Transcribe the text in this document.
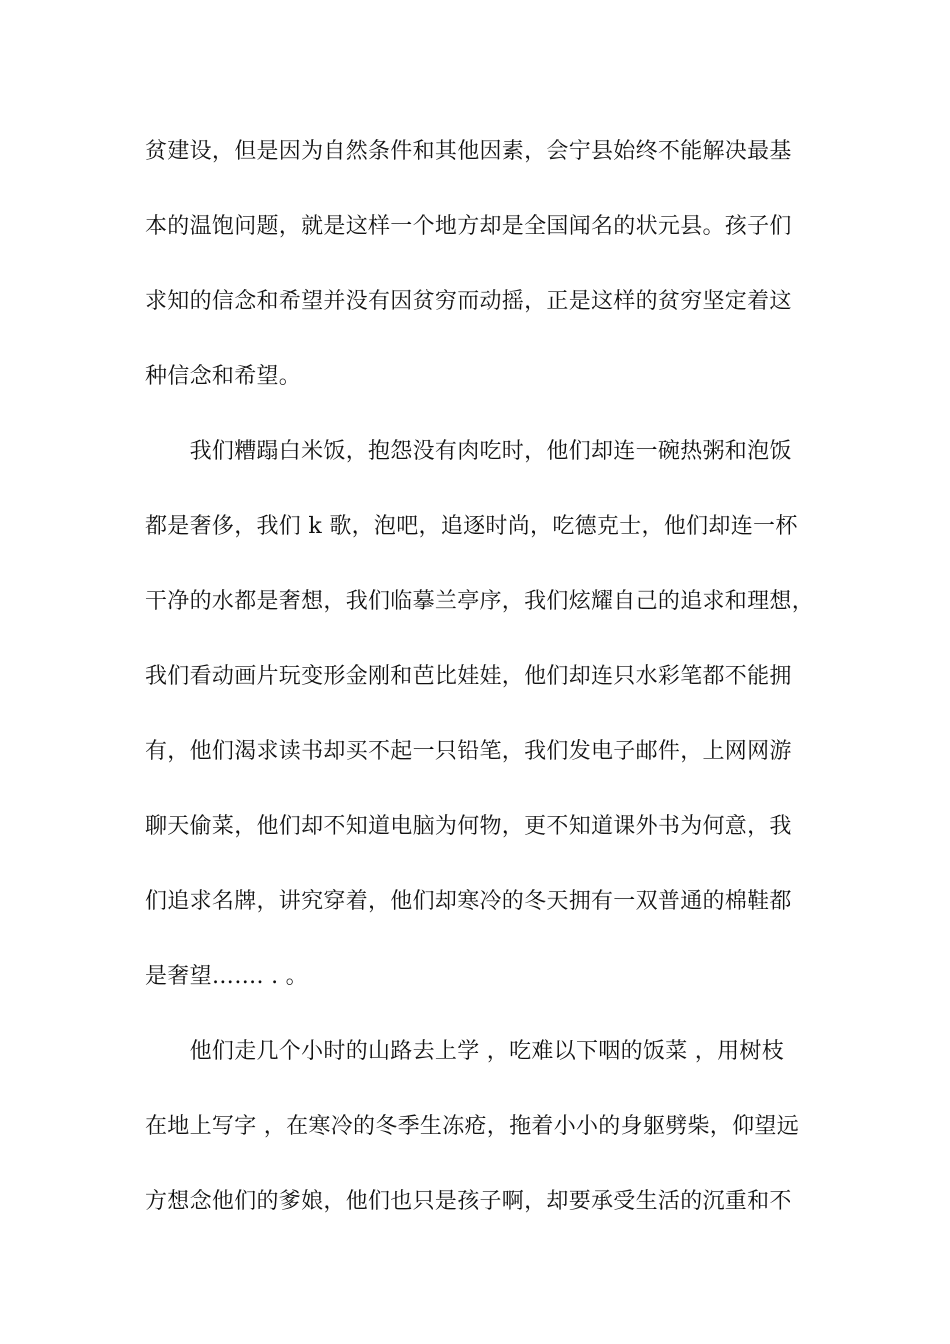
贫建设，但是因为自然条件和其他因素，会宁县始终不能解决最基
本的温饱问题，就是这样一个地方却是全国闻名的状元县。孩子们
求知的信念和希望并没有因贫穷而动摇，正是这样的贫穷坚定着这
种信念和希望。
　　我们糟蹋白米饭，抱怨没有肉吃时，他们却连一碗热粥和泡饭
都是奢侈，我们 k 歌，泡吧，追逐时尚，吃德克士，他们却连一杯
干净的水都是奢想，我们临摹兰亭序，我们炫耀自己的追求和理想，
我们看动画片玩变形金刚和芭比娃娃，他们却连只水彩笔都不能拥
有，他们渴求读书却买不起一只铅笔，我们发电子邮件，上网网游
聊天偷菜，他们却不知道电脑为何物，更不知道课外书为何意，我
们追求名牌，讲究穿着，他们却寒冷的冬天拥有一双普通的棉鞋都
是奢望……. . 。
　　他们走几个小时的山路去上学 ，吃难以下咽的饭菜 ，用树枝
在地上写字 ，在寒冷的冬季生冻疮，拖着小小的身躯劈柴，仰望远
方想念他们的爹娘，他们也只是孩子啊，却要承受生活的沉重和不
